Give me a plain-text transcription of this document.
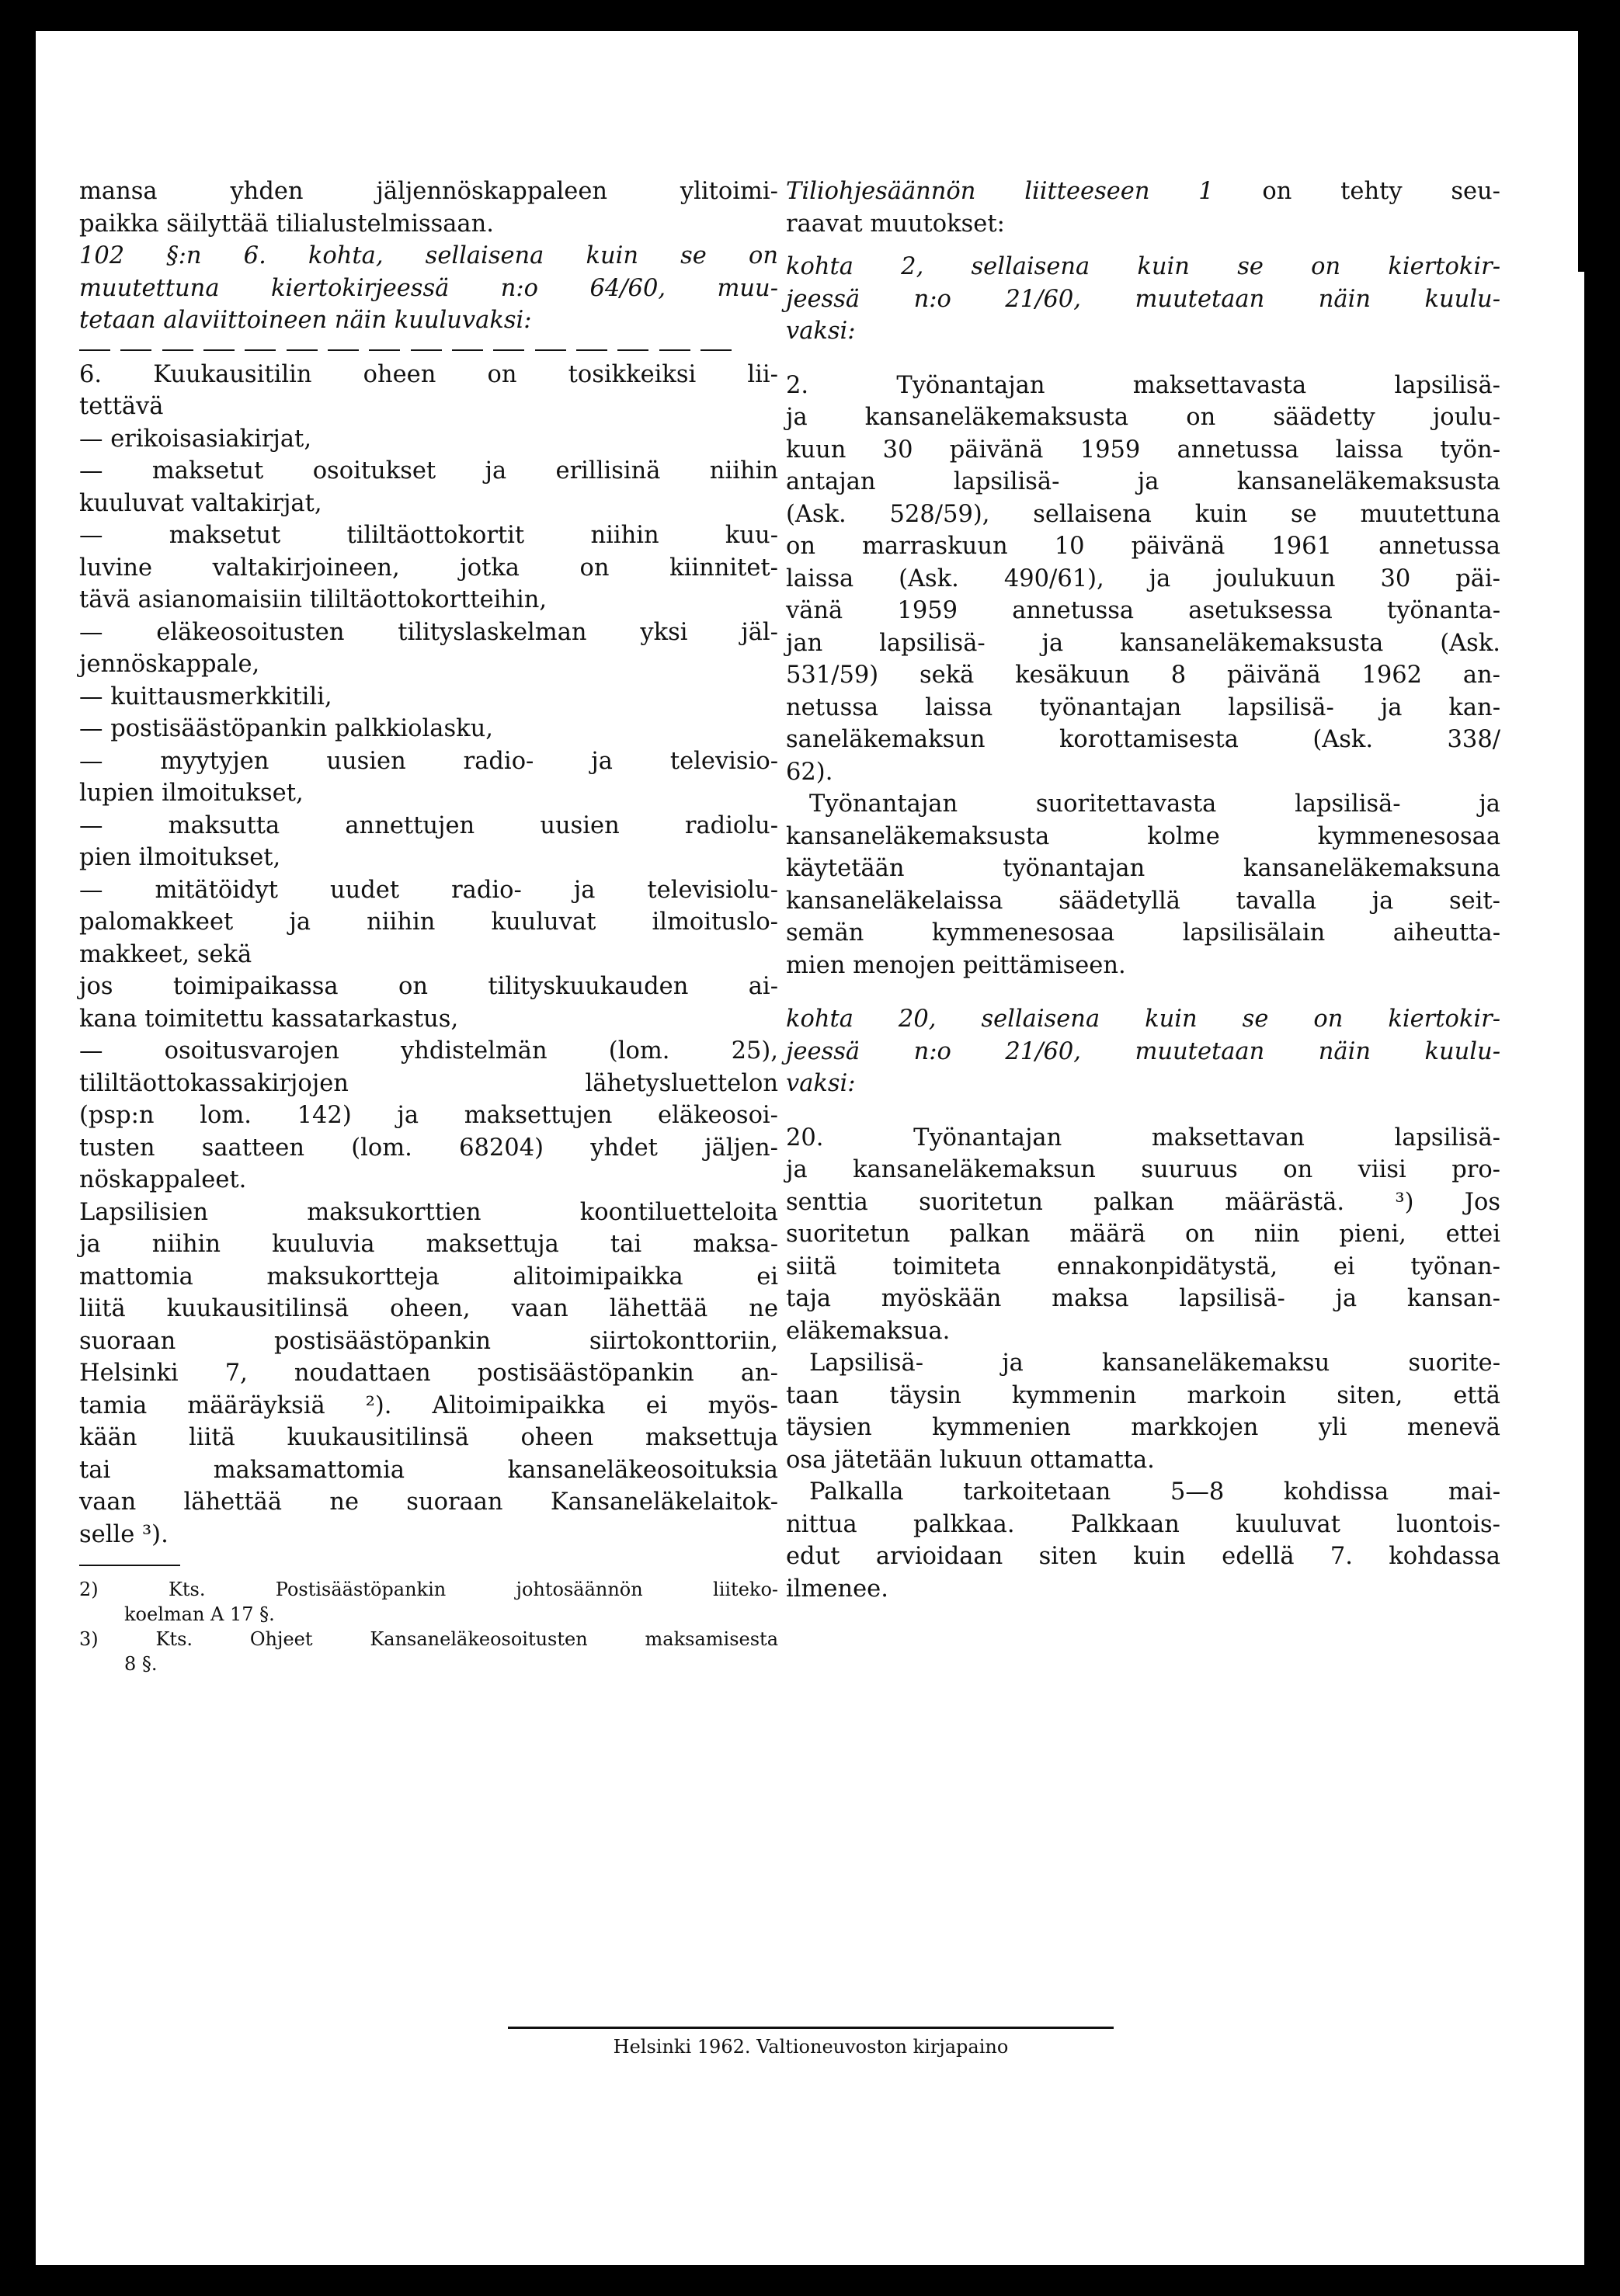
mansa yhden jäljennöskappaleen ylitoimi-
paikka säilyttää tilialustelmissaan.
102 §:n 6. kohta, sellaisena kuin se on
muutettuna kiertokirjeessä n:o 64/60, muu-
tetaan alaviittoineen näin kuuluvaksi:
6. Kuukausitilin oheen on tosikkeiksi lii-
tettävä
— erikoisasiakirjat,
— maksetut osoitukset ja erillisinä niihin
kuuluvat valtakirjat,
— maksetut tililtäottokortit niihin kuu-
luvine valtakirjoineen, jotka on kiinnitet-
tävä asianomaisiin tililtäottokortteihin,
— eläkeosoitusten tilityslaskelman yksi jäl-
jennöskappale,
— kuittausmerkkitili,
— postisäästöpankin palkkiolasku,
— myytyjen uusien radio- ja televisio-
lupien ilmoitukset,
— maksutta annettujen uusien radiolu-
pien ilmoitukset,
— mitätöidyt uudet radio- ja televisiolu-
palomakkeet ja niihin kuuluvat ilmoituslo-
makkeet, sekä
jos toimipaikassa on tilityskuukauden ai-
kana toimitettu kassatarkastus,
— osoitusvarojen yhdistelmän (lom. 25),
tililtäottokassakirjojen lähetysluettelon
(psp:n lom. 142) ja maksettujen eläkeosoi-
tusten saatteen (lom. 68204) yhdet jäljen-
nöskappaleet.
Lapsilisien maksukorttien koontiluetteloita
ja niihin kuuluvia maksettuja tai maksa-
mattomia maksukortteja alitoimipaikka ei
liitä kuukausitilinsä oheen, vaan lähettää ne
suoraan postisäästöpankin siirtokonttoriin,
Helsinki 7, noudattaen postisäästöpankin an-
tamia määräyksiä ²). Alitoimipaikka ei myös-
kään liitä kuukausitilinsä oheen maksettuja
tai maksamattomia kansaneläkeosoituksia
vaan lähettää ne suoraan Kansaneläkelaitok-
selle ³).
2) Kts. Postisäästöpankin johtosäännön liiteko-
koelman A 17 §.
3) Kts. Ohjeet Kansaneläkeosoitusten maksamisesta
8 §.
Tiliohjesäännön liitteeseen 1 on tehty seu-
raavat muutokset:
kohta 2, sellaisena kuin se on kiertokir-
jeessä n:o 21/60, muutetaan näin kuulu-
vaksi:
2. Työnantajan maksettavasta lapsilisä-
ja kansaneläkemaksusta on säädetty joulu-
kuun 30 päivänä 1959 annetussa laissa työn-
antajan lapsilisä- ja kansaneläkemaksusta
(Ask. 528/59), sellaisena kuin se muutettuna
on marraskuun 10 päivänä 1961 annetussa
laissa (Ask. 490/61), ja joulukuun 30 päi-
vänä 1959 annetussa asetuksessa työnanta-
jan lapsilisä- ja kansaneläkemaksusta (Ask.
531/59) sekä kesäkuun 8 päivänä 1962 an-
netussa laissa työnantajan lapsilisä- ja kan-
saneläkemaksun korottamisesta (Ask. 338/
62).
Työnantajan suoritettavasta lapsilisä- ja
kansaneläkemaksusta kolme kymmenesosaa
käytetään työnantajan kansaneläkemaksuna
kansaneläkelaissa säädetyllä tavalla ja seit-
semän kymmenesosaa lapsilisälain aiheutta-
mien menojen peittämiseen.
kohta 20, sellaisena kuin se on kiertokir-
jeessä n:o 21/60, muutetaan näin kuulu-
vaksi:
20. Työnantajan maksettavan lapsilisä-
ja kansaneläkemaksun suuruus on viisi pro-
senttia suoritetun palkan määrästä. ³) Jos
suoritetun palkan määrä on niin pieni, ettei
siitä toimiteta ennakonpidätystä, ei työnan-
taja myöskään maksa lapsilisä- ja kansan-
eläkemaksua.
Lapsilisä- ja kansaneläkemaksu suorite-
taan täysin kymmenin markoin siten, että
täysien kymmenien markkojen yli menevä
osa jätetään lukuun ottamatta.
Palkalla tarkoitetaan 5—8 kohdissa mai-
nittua palkkaa. Palkkaan kuuluvat luontois-
edut arvioidaan siten kuin edellä 7. kohdassa
ilmenee.
Helsinki 1962. Valtioneuvoston kirjapaino
